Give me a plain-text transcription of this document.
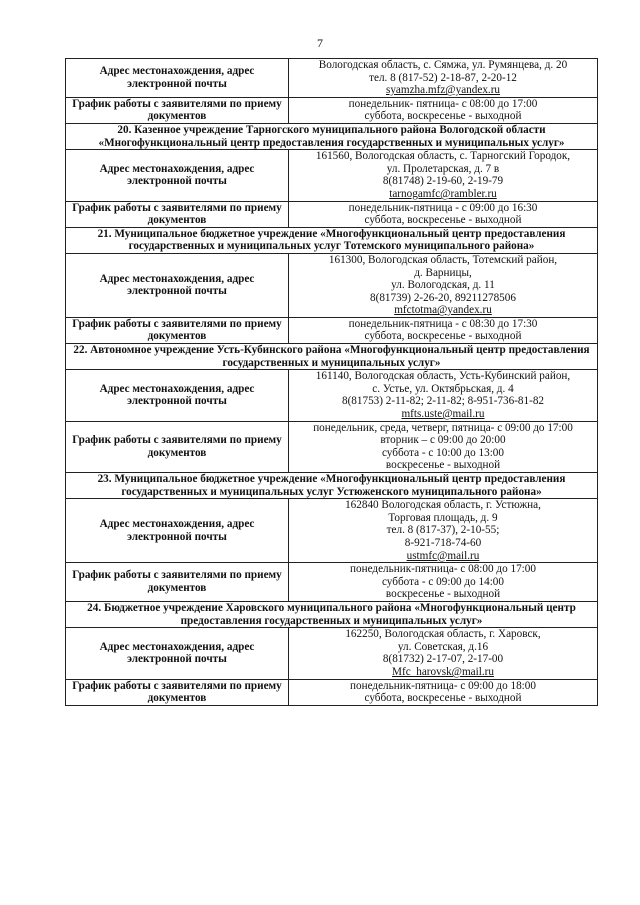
7
Адрес местонахождения, адрес электронной почты	Вологодская область, с. Сямжа, ул. Румянцева, д. 20
тел. 8 (817-52) 2-18-87, 2-20-12
syamzha.mfz@yandex.ru

График работы с заявителями по приему документов	понедельник- пятница- с 08:00 до 17:00
суббота, воскресенье - выходной

20. Казенное учреждение Тарногского муниципального района Вологодской области «Многофункциональный центр предоставления государственных и муниципальных услуг»	
Адрес местонахождения, адрес электронной почты	161560, Вологодская область, с. Тарногский Городок,
ул. Пролетарская, д. 7 в
8(81748) 2-19-60, 2-19-79
tarnogamfc@rambler.ru

График работы с заявителями по приему документов	понедельник-пятница - с 09:00 до 16:30
суббота, воскресенье - выходной

21. Муниципальное бюджетное учреждение «Многофункциональный центр предоставления государственных и муниципальных услуг Тотемского муниципального района»	
Адрес местонахождения, адрес электронной почты	161300, Вологодская область, Тотемский район,
д. Варницы,
ул. Вологодская, д. 11
8(81739) 2-26-20, 89211278506
mfctotma@yandex.ru

График работы с заявителями по приему документов	понедельник-пятница - с 08:30 до 17:30
суббота, воскресенье - выходной

22. Автономное учреждение Усть-Кубинского района «Многофункциональный центр предоставления государственных и муниципальных услуг»	
Адрес местонахождения, адрес электронной почты	161140, Вологодская область, Усть-Кубинский район,
с. Устье, ул. Октябрьская, д. 4
8(81753) 2-11-82; 2-11-82; 8-951-736-81-82
mfts.uste@mail.ru

График работы с заявителями по приему документов	понедельник, среда, четверг, пятница- с 09:00 до 17:00
вторник – с 09:00 до 20:00
суббота - с 10:00 до 13:00
воскресенье - выходной

23. Муниципальное бюджетное учреждение «Многофункциональный центр предоставления государственных и муниципальных услуг Устюженского муниципального района»	
Адрес местонахождения, адрес электронной почты	162840 Вологодская область, г. Устюжна,
Торговая площадь, д. 9
тел. 8 (817-37), 2-10-55;
8-921-718-74-60
ustmfc@mail.ru

График работы с заявителями по приему документов	понедельник-пятница- с 08:00 до 17:00
суббота - с 09:00 до 14:00
воскресенье - выходной

24. Бюджетное учреждение Харовского муниципального района «Многофункциональный центр предоставления государственных и муниципальных услуг»	
Адрес местонахождения, адрес электронной почты	162250, Вологодская область, г. Харовск,
ул. Советская, д.16
8(81732) 2-17-07, 2-17-00
Mfc_harovsk@mail.ru

График работы с заявителями по приему документов	понедельник-пятница- с 09:00 до 18:00
суббота, воскресенье - выходной
